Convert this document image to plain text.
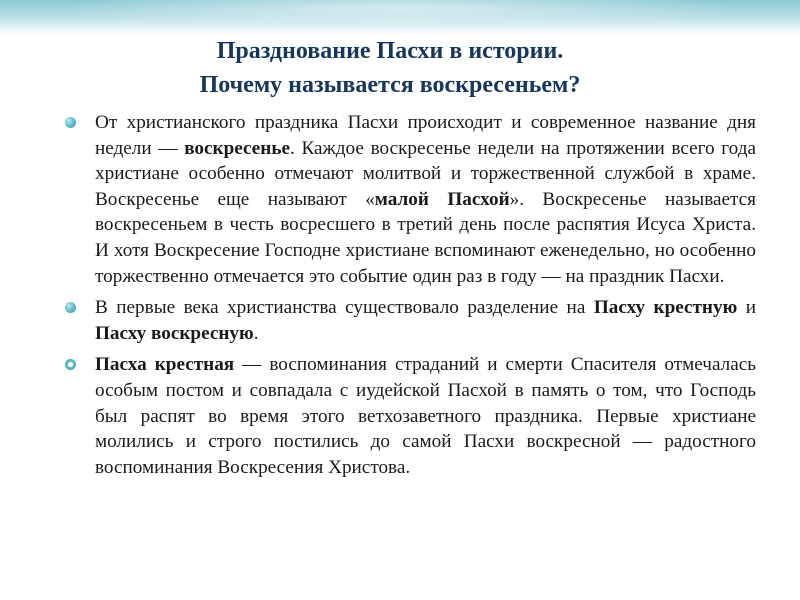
Празднование Пасхи в истории.
Почему называется воскресеньем?

От христианского праздника Пасхи происходит и современное название дня недели — воскресенье. Каждое воскресенье недели на протяжении всего года христиане особенно отмечают молитвой и торжественной службой в храме. Воскресенье еще называют «малой Пасхой». Воскресенье называется воскресеньем в честь восресшего в третий день после распятия Исуса Христа. И хотя Воскресение Господне христиане вспоминают еженедельно, но особенно торжественно отмечается это событие один раз в году — на праздник Пасхи.

В первые века христианства существовало разделение на Пасху крестную и Пасху воскресную.

Пасха крестная — воспоминания страданий и смерти Спасителя отмечалась особым постом и совпадала с иудейской Пасхой в память о том, что Господь был распят во время этого ветхозаветного праздника. Первые христиане молились и строго постились до самой Пасхи воскресной — радостного воспоминания Воскресения Христова.
